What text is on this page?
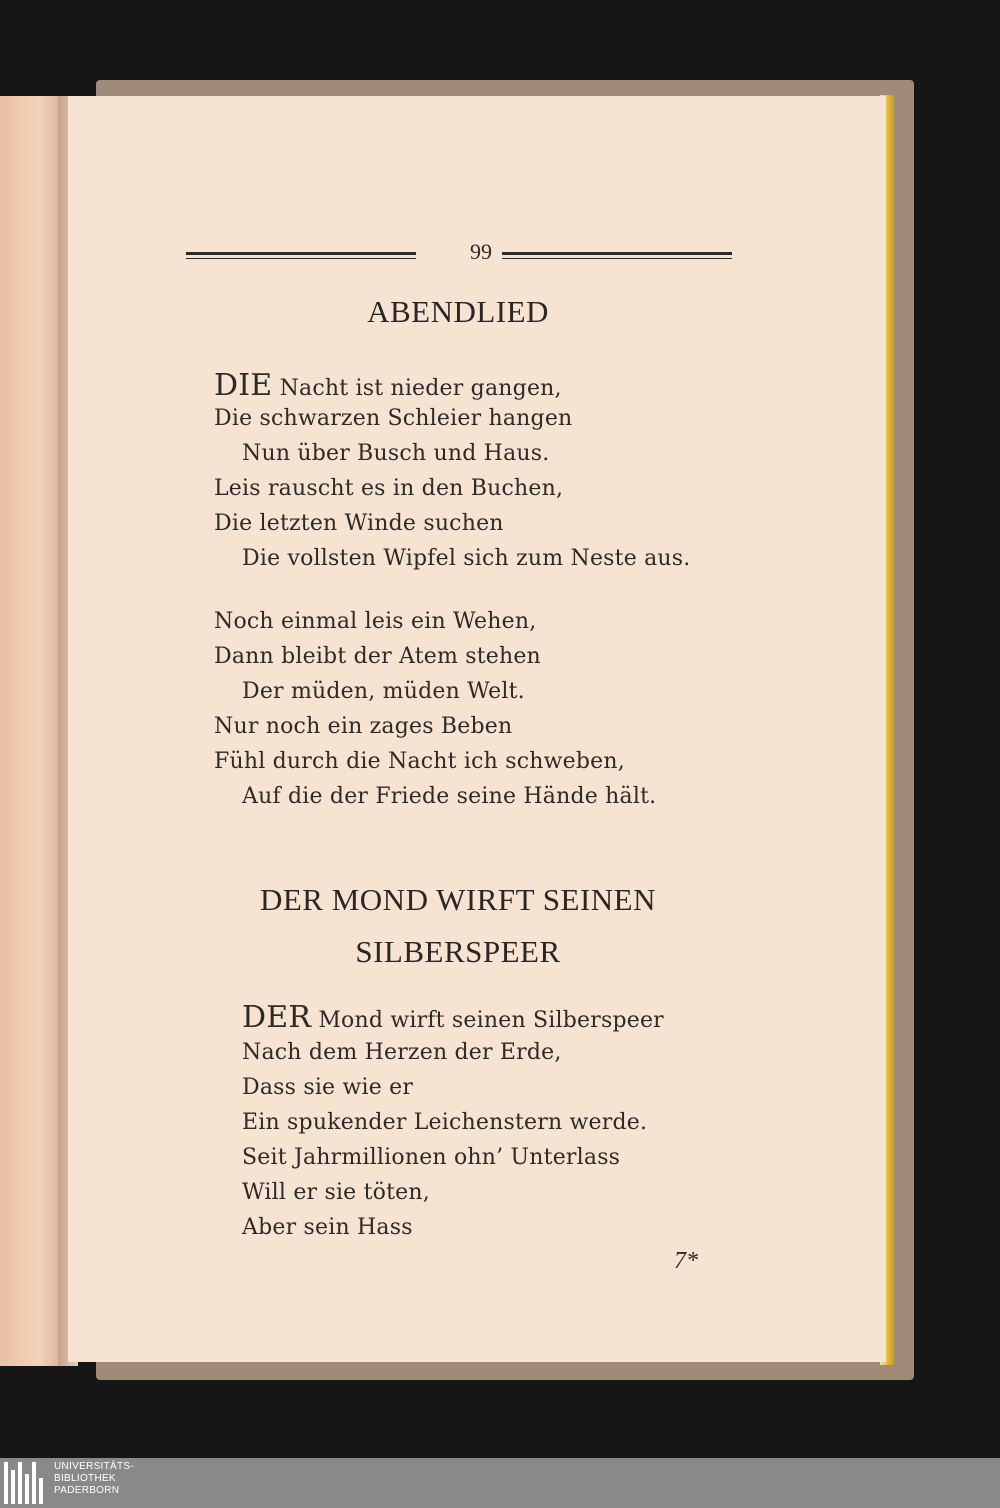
99
ABENDLIED
DIE Nacht ist nieder gangen,
Die schwarzen Schleier hangen
Nun über Busch und Haus.
Leis rauscht es in den Buchen,
Die letzten Winde suchen
Die vollsten Wipfel sich zum Neste aus.
Noch einmal leis ein Wehen,
Dann bleibt der Atem stehen
Der müden, müden Welt.
Nur noch ein zages Beben
Fühl durch die Nacht ich schweben,
Auf die der Friede seine Hände hält.
DER MOND WIRFT SEINEN
SILBERSPEER
DER Mond wirft seinen Silberspeer
Nach dem Herzen der Erde,
Dass sie wie er
Ein spukender Leichenstern werde.
Seit Jahrmillionen ohn’ Unterlass
Will er sie töten,
Aber sein Hass
7*
UNIVERSITÄTS-
BIBLIOTHEK
PADERBORN
